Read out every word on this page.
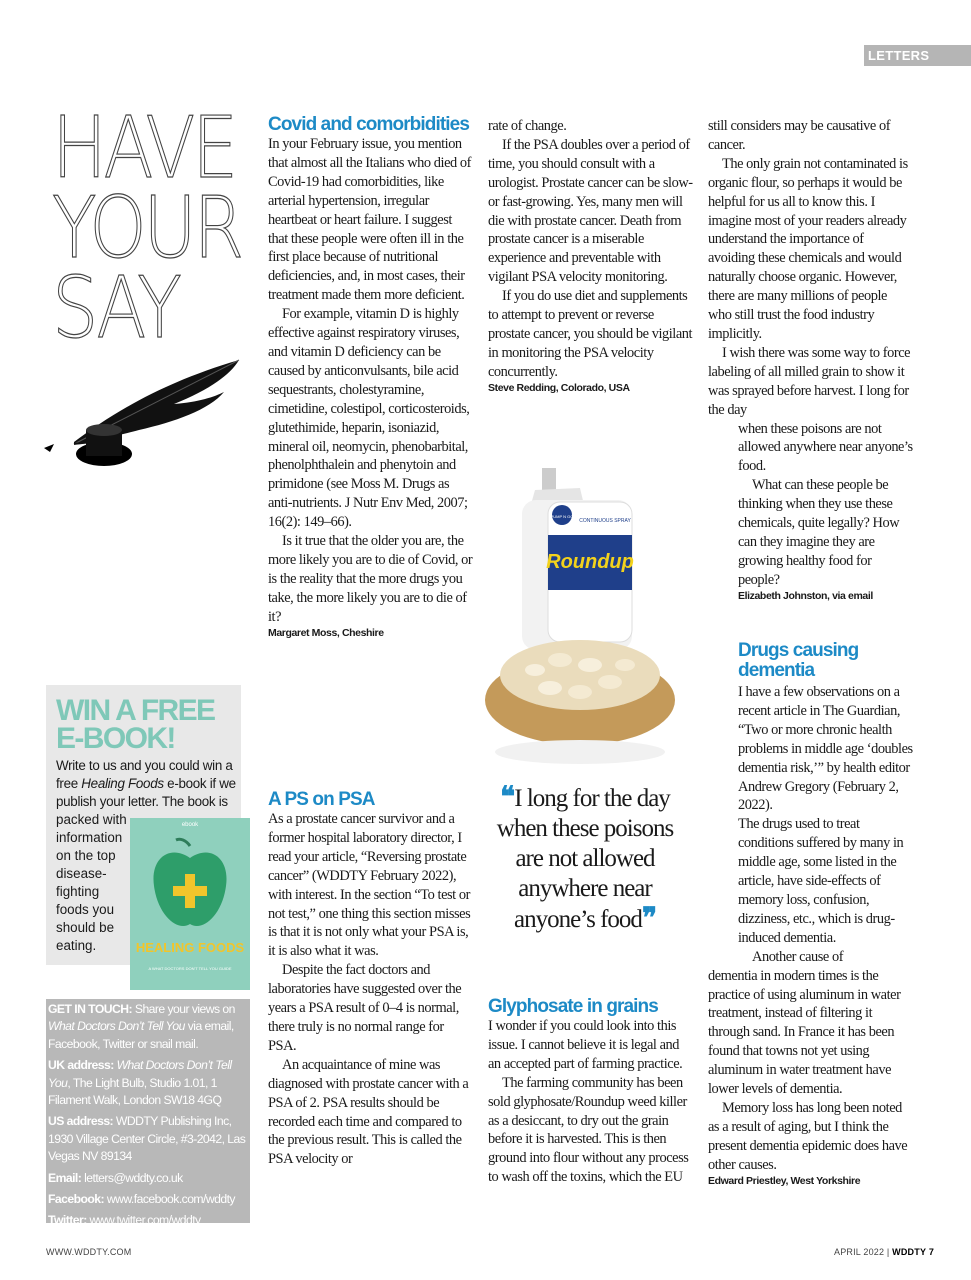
LETTERS
HAVE
YOUR
SAY
Covid and comorbidities

In your February issue, you mention that almost all the Italians who died of Covid-19 had comorbidities, like arterial hypertension, irregular heartbeat or heart failure. I suggest that these people were often ill in the first place because of nutritional deficiencies, and, in most cases, their treatment made them more deficient.

For example, vitamin D is highly effective against respiratory viruses, and vitamin D deficiency can be caused by anticonvulsants, bile acid sequestrants, cholestyramine, cimetidine, colestipol, corticosteroids, glutethimide, heparin, isoniazid, mineral oil, neomycin, phenobarbital, phenolphthalein and phenytoin and primidone (see Moss M. Drugs as anti-nutrients. J Nutr Env Med, 2007; 16(2): 149–66).

Is it true that the older you are, the more likely you are to die of Covid, or is the reality that the more drugs you take, the more likely you are to die of it?

Margaret Moss, Cheshire

A PS on PSA

As a prostate cancer survivor and a former hospital laboratory director, I read your article, “Reversing prostate cancer” (WDDTY February 2022), with interest. In the section “To test or not test,” one thing this section misses is that it is not only what your PSA is, it is also what it was.

Despite the fact doctors and laboratories have suggested over the years a PSA result of 0–4 is normal, there truly is no normal range for PSA.

An acquaintance of mine was diagnosed with prostate cancer with a PSA of 2. PSA results should be recorded each time and compared to the previous result. This is called the PSA velocity or

rate of change.

If the PSA doubles over a period of time, you should consult with a urologist. Prostate cancer can be slow- or fast-growing. Yes, many men will die with prostate cancer. Death from prostate cancer is a miserable experience and preventable with vigilant PSA velocity monitoring.

If you do use diet and supplements to attempt to prevent or reverse prostate cancer, you should be vigilant in monitoring the PSA velocity concurrently.

Steve Redding, Colorado, USA

Roundup
PUMP N GO
CONTINUOUS SPRAY
❝I long for the day when these poisons are not allowed anywhere near anyone’s food❞
Glyphosate in grains

I wonder if you could look into this issue. I cannot believe it is legal and an accepted part of farming practice.

The farming community has been sold glyphosate/Roundup weed killer as a desiccant, to dry out the grain before it is harvested. This is then ground into flour without any process to wash off the toxins, which the EU

still considers may be causative of cancer.

The only grain not contaminated is organic flour, so perhaps it would be helpful for us all to know this. I imagine most of your readers already understand the importance of avoiding these chemicals and would naturally choose organic. However, there are many millions of people who still trust the food industry implicitly.

I wish there was some way to force labeling of all milled grain to show it was sprayed before harvest. I long for the day

when these poisons are not allowed anywhere near anyone’s food.

What can these people be thinking when they use these chemicals, quite legally? How can they imagine they are growing healthy food for people?

Elizabeth Johnston, via email

Drugs causing dementia

I have a few observations on a recent article in The Guardian, “Two or more chronic health problems in middle age ‘doubles dementia risk,’” by health editor Andrew Gregory (February 2, 2022).

The drugs used to treat conditions suffered by many in middle age, some listed in the article, have side-effects of memory loss, confusion, dizziness, etc., which is drug-induced dementia.

Another cause of

dementia in modern times is the practice of using aluminum in water treatment, instead of filtering it through sand. In France it has been found that towns not yet using aluminum in water treatment have lower levels of dementia.

Memory loss has long been noted as a result of aging, but I think the present dementia epidemic does have other causes.

Edward Priestley, West Yorkshire

WIN A FREE
E-BOOK!
Write to us and you could win a free Healing Foods e-book if we publish your letter. The book is
packed with information on the top disease-fighting foods you should be eating.
ebook
HEALING FOODS
A WHAT DOCTORS DON'T TELL YOU GUIDE
GET IN TOUCH: Share your views on What Doctors Don’t Tell You via email, Facebook, Twitter or snail mail.
UK address: What Doctors Don’t Tell You, The Light Bulb, Studio 1.01, 1 Filament Walk, London SW18 4GQ
US address: WDDTY Publishing Inc, 1930 Village Center Circle, #3-2042, Las Vegas NV 89134
Email: letters@wddty.co.uk
Facebook: www.facebook.com/wddty
Twitter: www.twitter.com/wddty
WWW.WDDTY.COM	APRIL 2022 | WDDTY 7
